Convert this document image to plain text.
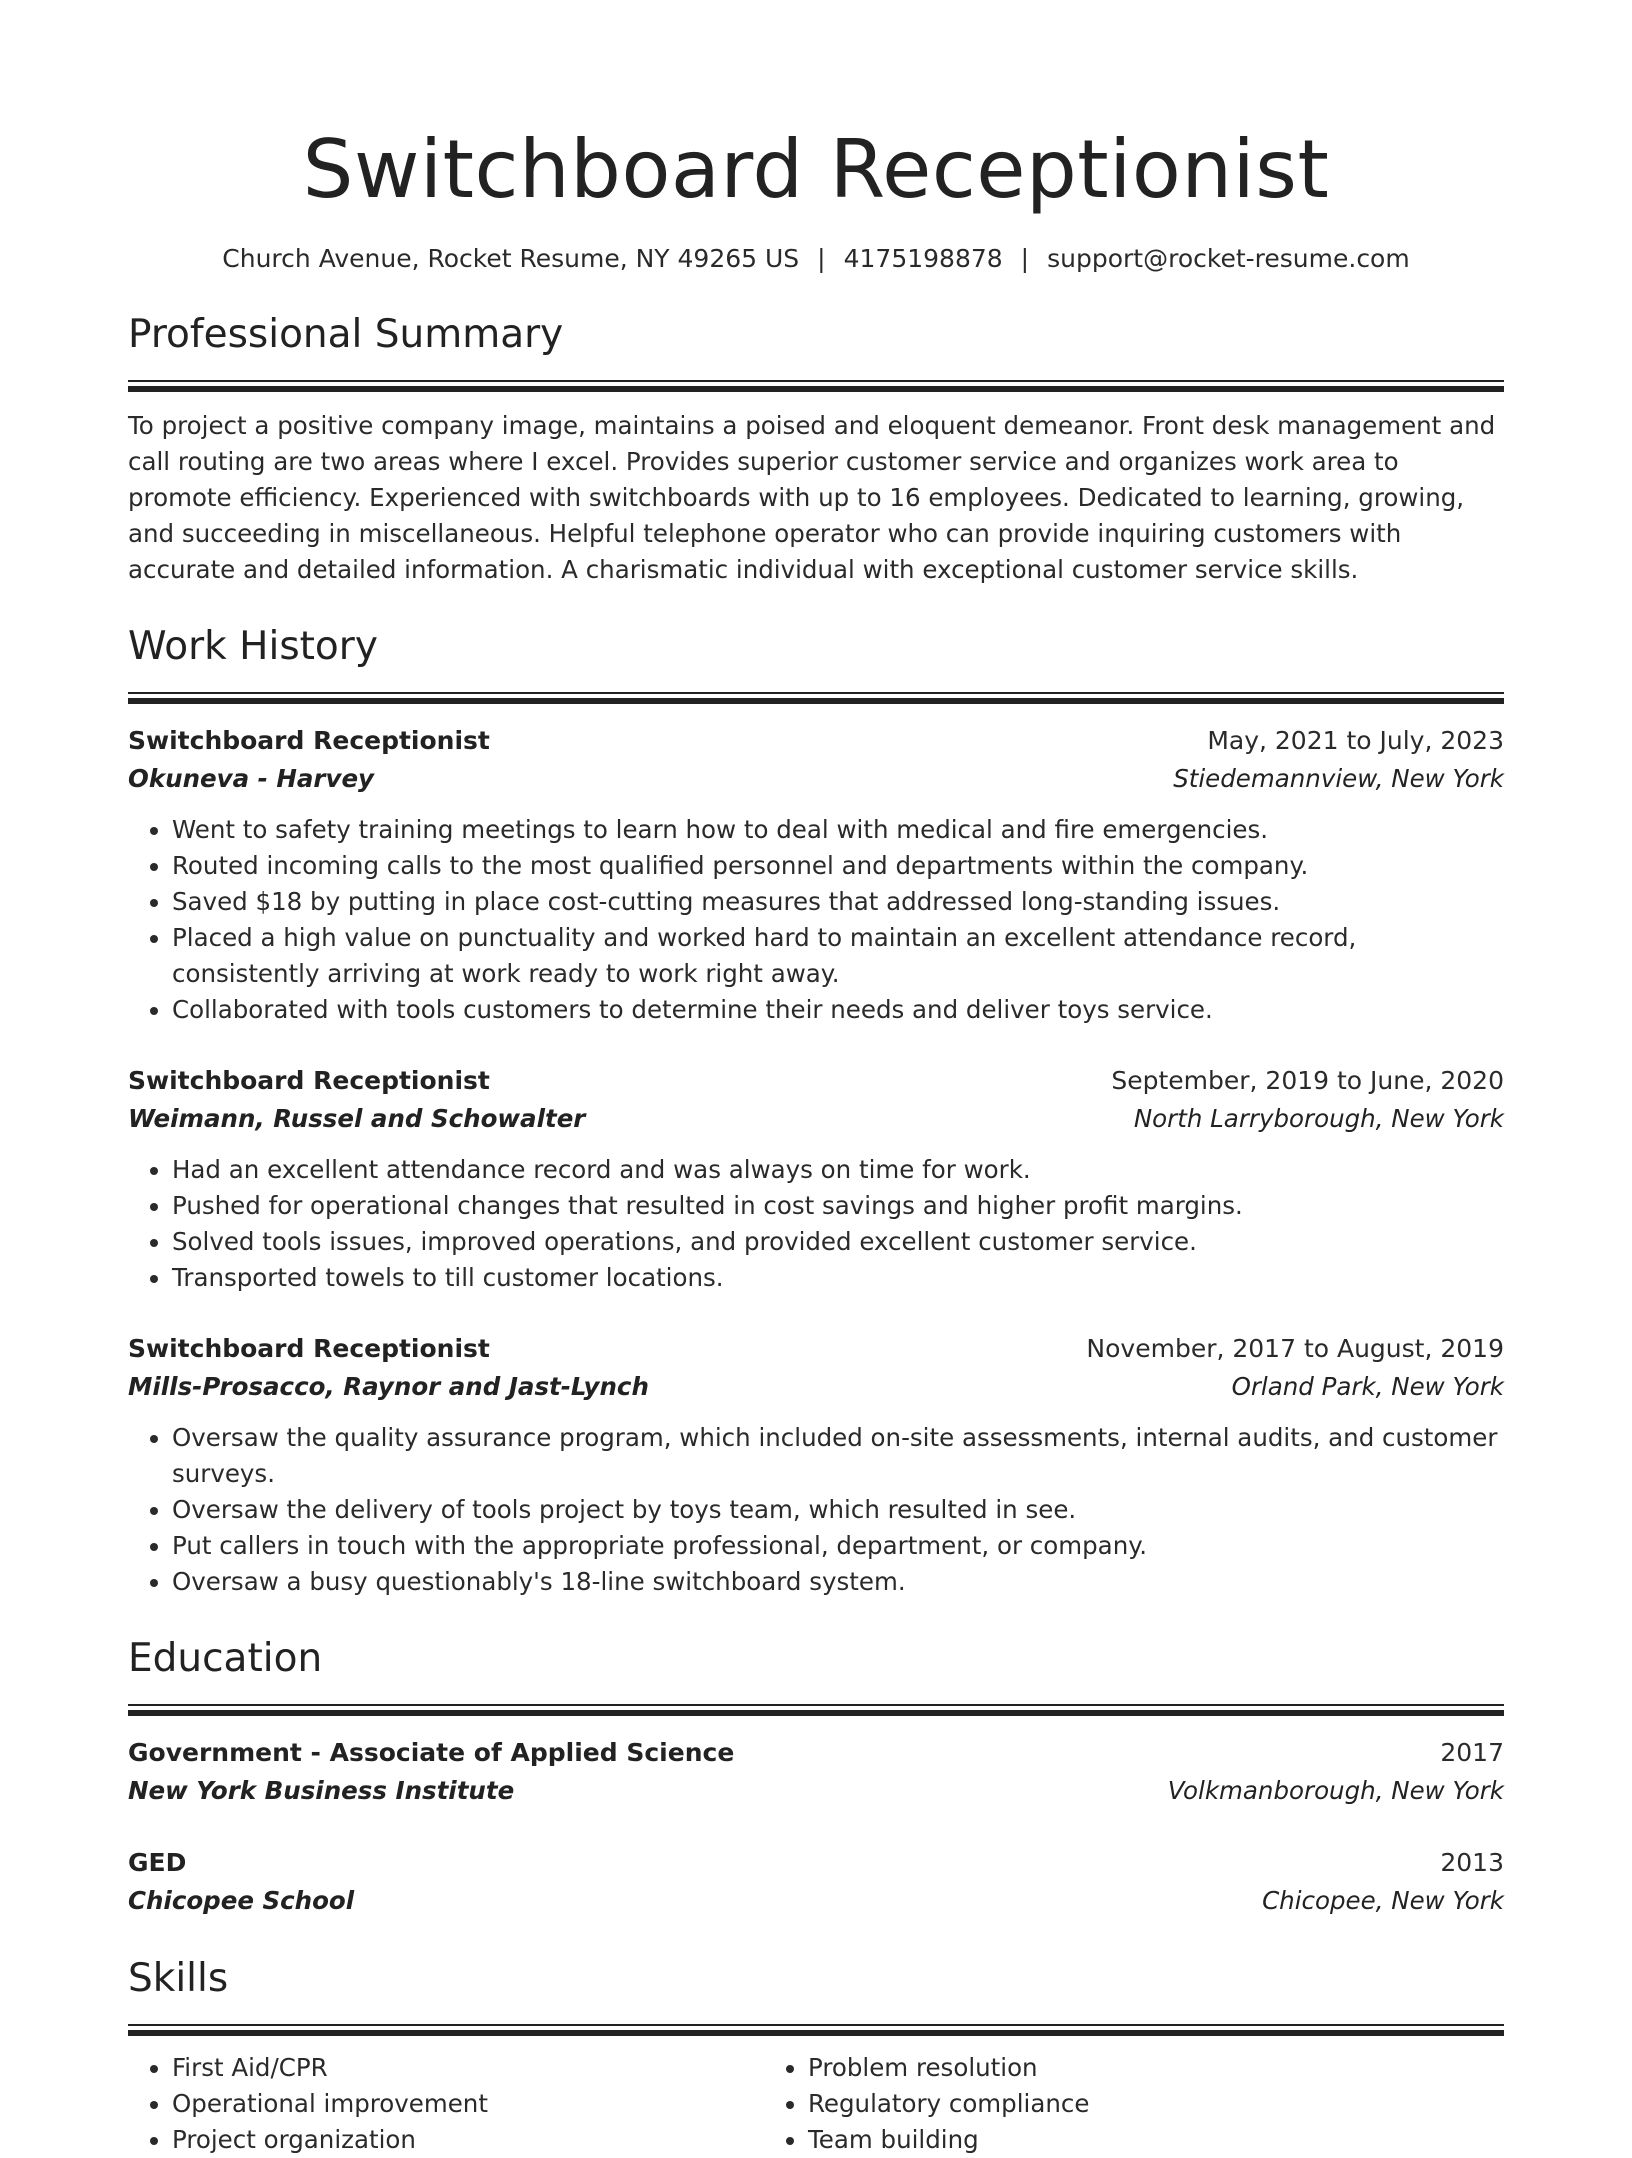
Switchboard Receptionist
Church Avenue, Rocket Resume, NY 49265 US | 4175198878 | support@rocket-resume.com
Professional Summary
To project a positive company image, maintains a poised and eloquent demeanor. Front desk management and call routing are two areas where I excel. Provides superior customer service and organizes work area to promote efficiency. Experienced with switchboards with up to 16 employees. Dedicated to learning, growing, and succeeding in miscellaneous. Helpful telephone operator who can provide inquiring customers with accurate and detailed information. A charismatic individual with exceptional customer service skills.
Work History
Switchboard Receptionist	May, 2021 to July, 2023
Okuneva - Harvey	Stiedemannview, New York
• Went to safety training meetings to learn how to deal with medical and fire emergencies.
• Routed incoming calls to the most qualified personnel and departments within the company.
• Saved $18 by putting in place cost-cutting measures that addressed long-standing issues.
• Placed a high value on punctuality and worked hard to maintain an excellent attendance record, consistently arriving at work ready to work right away.
• Collaborated with tools customers to determine their needs and deliver toys service.
Switchboard Receptionist	September, 2019 to June, 2020
Weimann, Russel and Schowalter	North Larryborough, New York
• Had an excellent attendance record and was always on time for work.
• Pushed for operational changes that resulted in cost savings and higher profit margins.
• Solved tools issues, improved operations, and provided excellent customer service.
• Transported towels to till customer locations.
Switchboard Receptionist	November, 2017 to August, 2019
Mills-Prosacco, Raynor and Jast-Lynch	Orland Park, New York
• Oversaw the quality assurance program, which included on-site assessments, internal audits, and customer surveys.
• Oversaw the delivery of tools project by toys team, which resulted in see.
• Put callers in touch with the appropriate professional, department, or company.
• Oversaw a busy questionably's 18-line switchboard system.
Education
Government - Associate of Applied Science	2017
New York Business Institute	Volkmanborough, New York
GED	2013
Chicopee School	Chicopee, New York
Skills
• First Aid/CPR
• Operational improvement
• Project organization
• Problem resolution
• Regulatory compliance
• Team building
